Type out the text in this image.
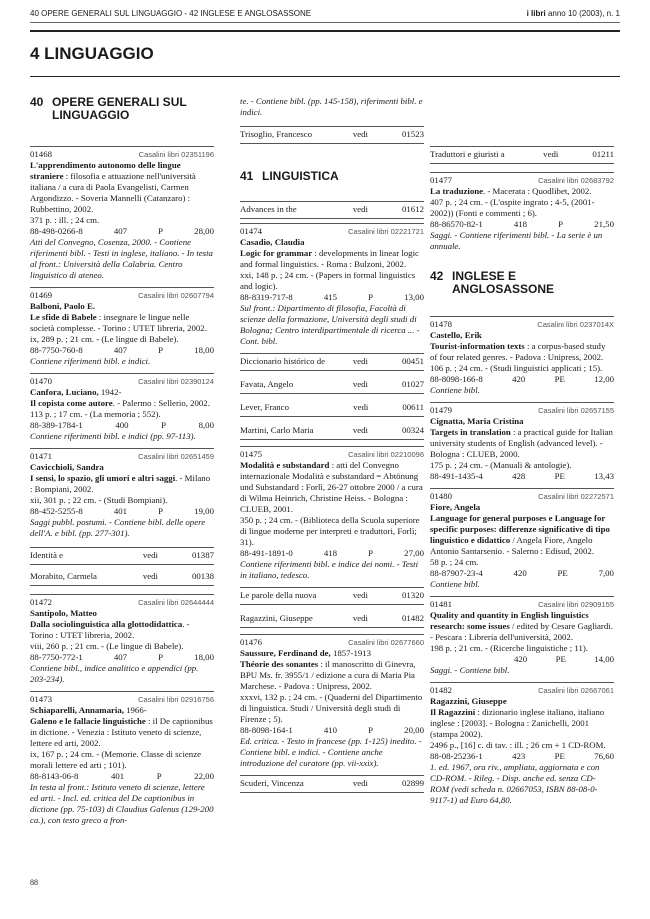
40 OPERE GENERALI SUL LINGUAGGIO - 42 INGLESE E ANGLOSASSONE	i libri anno 10 (2003), n. 1
4 LINGUAGGIO
40 OPERE GENERALI SUL LINGUAGGIO
01468	Casalini libri 02351196
L'apprendimento autonomo delle lingue straniere : filosofia e attuazione nell'università italiana / a cura di Paola Evangelisti, Carmen Argondizzo. - Soveria Mannelli (Catanzaro) : Rubbettino, 2002.
371 p. : ill. ; 24 cm.
88-498-0266-8	407	P	28,00
Atti del Convegno, Cosenza, 2000. - Contiene riferimenti bibl. - Testi in inglese, italiano. - In testa al front.: Università della Calabria. Centro linguistico di ateneo.
01469	Casalini libri 02607794
Balboni, Paolo E.
Le sfide di Babele : insegnare le lingue nelle società complesse. - Torino : UTET libreria, 2002.
ix, 289 p. ; 21 cm. - (Le lingue di Babele).
88-7750-760-8	407	P	18,00
Contiene riferimenti bibl. e indici.
01470	Casalini libri 02390124
Canfora, Luciano, 1942-
Il copista come autore. - Palermo : Sellerio, 2002.
113 p. ; 17 cm. - (La memoria ; 552).
88-389-1784-1	400	P	8,00
Contiene riferimenti bibl. e indici (pp. 97-113).
01471	Casalini libri 02651459
Cavicchioli, Sandra
I sensi, lo spazio, gli umori e altri saggi. - Milano : Bompiani, 2002.
xii, 301 p. ; 22 cm. - (Studi Bompiani).
88-452-5255-8	401	P	19,00
Saggi pubbl. postumi. - Contiene bibl. delle opere dell'A. e bibl. (pp. 277-301).
Identità e	vedi	01387
Morabito, Carmela	vedi	00138
01472	Casalini libri 02644444
Santipolo, Matteo
Dalla sociolinguistica alla glottodidattica. - Torino : UTET libreria, 2002.
viii, 260 p. ; 21 cm. - (Le lingue di Babele).
88-7750-772-1	407	P	18,00
Contiene bibl., indice analitico e appendici (pp. 203-234).
01473	Casalini libri 02916756
Schiaparelli, Annamaria, 1966-
Galeno e le fallacie linguistiche : il De captionibus in dictione. - Venezia : Istituto veneto di scienze, lettere ed arti, 2002.
ix, 167 p. ; 24 cm. - (Memorie. Classe di scienze morali lettere ed arti ; 101).
88-8143-06-8	401	P	22,00
In testa al front.: Istituto veneto di scienze, lettere ed arti. - Incl. ed. critica del De captionibus in dictione (pp. 75-103) di Claudius Galenus (129-200 ca.), con testo greco a fron-
te. - Contiene bibl. (pp. 145-158), riferimenti bibl. e indici.
Trisoglio, Francesco	vedi	01523
41 LINGUISTICA
Advances in the	vedi	01612
01474	Casalini libri 02221721
Casadio, Claudia
Logic for grammar : developments in linear logic and formal linguistics. - Roma : Bulzoni, 2002.
xxi, 148 p. ; 24 cm. - (Papers in formal linguistics and logic).
88-8319-717-8	415	P	13,00
Sul front.: Dipartimento di filosofia, Facoltà di scienze della formazione, Università degli studi di Bologna; Centro interdipartimentale di ricerca ... - Cont. bibl.
Diccionario histórico de	vedi	00451
Favata, Angelo	vedi	01027
Lever, Franco	vedi	00611
Martini, Carlo Maria	vedi	00324
01475	Casalini libri 02210096
Modalità e substandard : atti del Convegno internazionale Modalità e substandard = Abtönung und Substandard : Forlì, 26-27 ottobre 2000 / a cura di Wilma Heinrich, Christine Heiss. - Bologna : CLUEB, 2001.
350 p. ; 24 cm. - (Biblioteca della Scuola superiore di lingue moderne per interpreti e traduttori, Forlì; 31).
88-491-1891-0	418	P	27,00
Contiene riferimenti bibl. e indice dei nomi. - Testi in italiano, tedesco.
Le parole della nuova	vedi	01320
Ragazzini, Giuseppe	vedi	01482
01476	Casalini libri 02677660
Saussure, Ferdinand de, 1857-1913
Théorie des sonantes : il manoscritto di Ginevra, BPU Ms. fr. 3955/1 / edizione a cura di Maria Pia Marchese. - Padova : Unipress, 2002.
xxxvi, 132 p. ; 24 cm. - (Quaderni del Dipartimento di linguistica. Studi / Università degli studi di Firenze ; 5).
88-8098-164-1	410	P	20,00
Ed. critica. - Testo in francese (pp. 1-125) inedito. - Contiene bibl. e indici. - Contiene anche introduzione del curatore (pp. vii-xxix).
Scuderi, Vincenza	vedi	02899
Traduttori e giuristi a	vedi	01211
01477	Casalini libri 02683792
La traduzione. - Macerata : Quodlibet, 2002.
407 p. ; 24 cm. - (L'ospite ingrato ; 4-5, (2001-2002)) (Fonti e commenti ; 6).
88-86570-82-1	418	P	21,50
Saggi. - Contiene riferimenti bibl. - La serie è un annuale.
42 INGLESE E ANGLOSASSONE
01478	Casalini libri 0237014X
Castello, Erik
Tourist-information texts : a corpus-based study of four related genres. - Padova : Unipress, 2002.
106 p. ; 24 cm. - (Studi linguistici applicati ; 15).
88-8098-166-8	420	PE	12,00
Contiene bibl.
01479	Casalini libri 02657155
Cignatta, Maria Cristina
Targets in translation : a practical guide for Italian university students of English (advanced level). - Bologna : CLUEB, 2000.
175 p. ; 24 cm. - (Manuali & antologie).
88-491-1435-4	428	PE	13,43
01480	Casalini libri 02272571
Fiore, Angela
Language for general purposes e Language for specific purposes: differenze significative di tipo linguistico e didattico / Angela Fiore, Angelo Antonio Santarsenio. - Salerno : Edisud, 2002.
58 p. ; 24 cm.
88-87907-23-4	420	PE	7,00
Contiene bibl.
01481	Casalini libri 02909155
Quality and quantity in English linguistics research: some issues / edited by Cesare Gagliardi. - Pescara : Libreria dell'università, 2002.
198 p. ; 21 cm. - (Ricerche linguistiche ; 11).
420	PE	14,00
Saggi. - Contiene bibl.
01482	Casalini libri 02667061
Ragazzini, Giuseppe
Il Ragazzini : dizionario inglese italiano, italiano inglese : [2003]. - Bologna : Zanichelli, 2001 (stampa 2002).
2496 p., [16] c. di tav. : ill. ; 26 cm + 1 CD-ROM.
88-08-25236-1	423	PE	76,60
1. ed. 1967, ora riv., ampliata, aggiornata e con CD-ROM. - Rileg. - Disp. anche ed. senza CD-ROM (vedi scheda n. 02667053, ISBN 88-08-0-9117-1) ad Euro 64,80.
88
